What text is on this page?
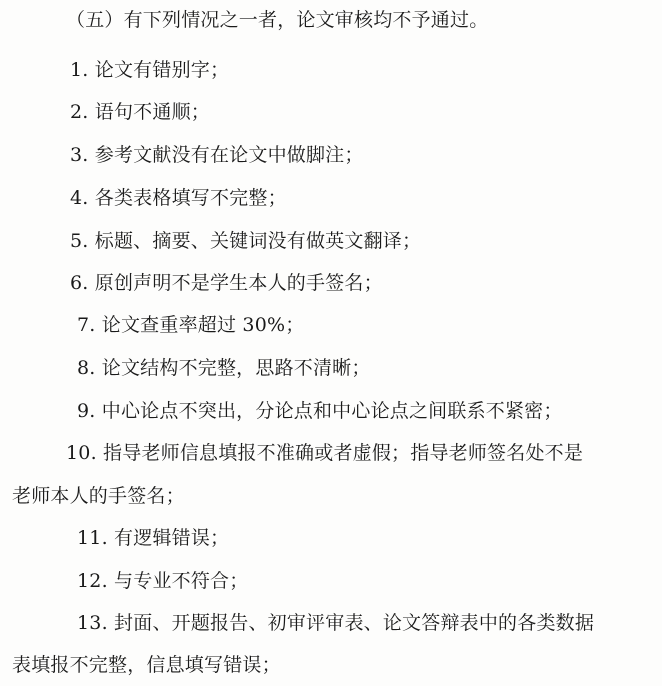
（五）有下列情况之一者，论文审核均不予通过。
1. 论文有错别字；
2. 语句不通顺；
3. 参考文献没有在论文中做脚注；
4. 各类表格填写不完整；
5. 标题、摘要、关键词没有做英文翻译；
6. 原创声明不是学生本人的手签名；
7. 论文查重率超过 30%；
8. 论文结构不完整，思路不清晰；
9. 中心论点不突出，分论点和中心论点之间联系不紧密；
10. 指导老师信息填报不准确或者虚假；指导老师签名处不是
老师本人的手签名；
11. 有逻辑错误；
12. 与专业不符合；
13. 封面、开题报告、初审评审表、论文答辩表中的各类数据
表填报不完整，信息填写错误；
